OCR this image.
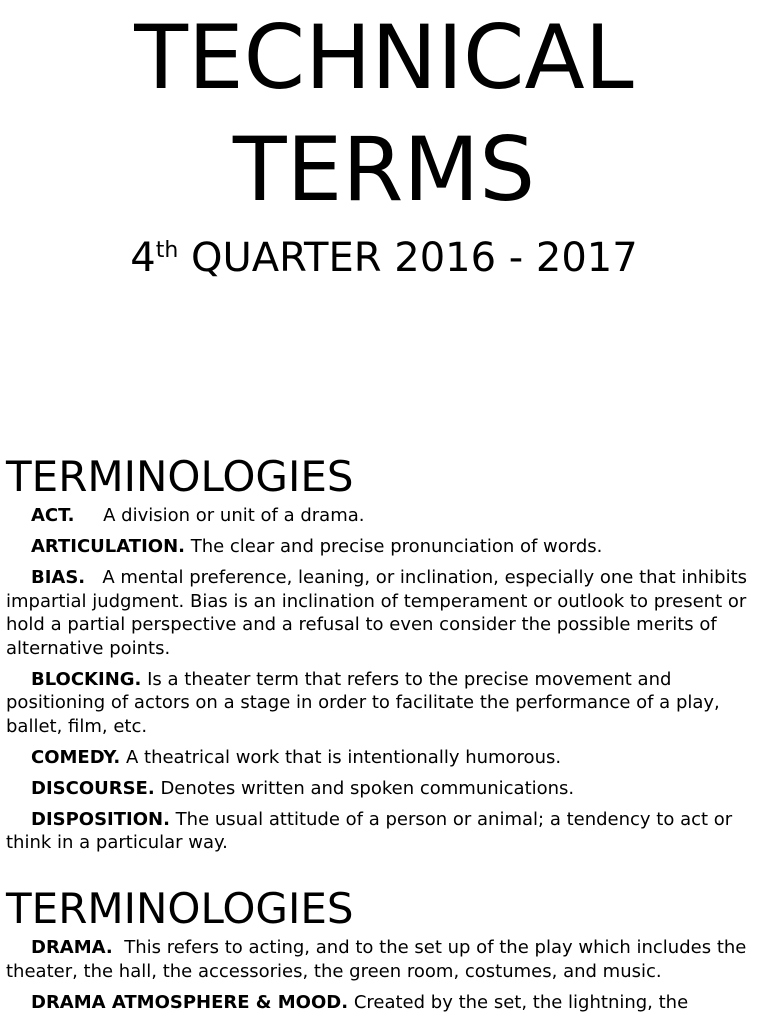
TECHNICAL
TERMS
4th QUARTER 2016 - 2017
TERMINOLOGIES

ACT. A division or unit of a drama.

ARTICULATION. The clear and precise pronunciation of words.

BIAS. A mental preference, leaning, or inclination, especially one that inhibits impartial judgment. Bias is an inclination of temperament or outlook to present or hold a partial perspective and a refusal to even consider the possible merits of alternative points.

BLOCKING. Is a theater term that refers to the precise movement and positioning of actors on a stage in order to facilitate the performance of a play, ballet, film, etc.

COMEDY. A theatrical work that is intentionally humorous.

DISCOURSE. Denotes written and spoken communications.

DISPOSITION. The usual attitude of a person or animal; a tendency to act or think in a particular way.

TERMINOLOGIES

DRAMA. This refers to acting, and to the set up of the play which includes the theater, the hall, the accessories, the green room, costumes, and music.

DRAMA ATMOSPHERE & MOOD. Created by the set, the lightning, the
